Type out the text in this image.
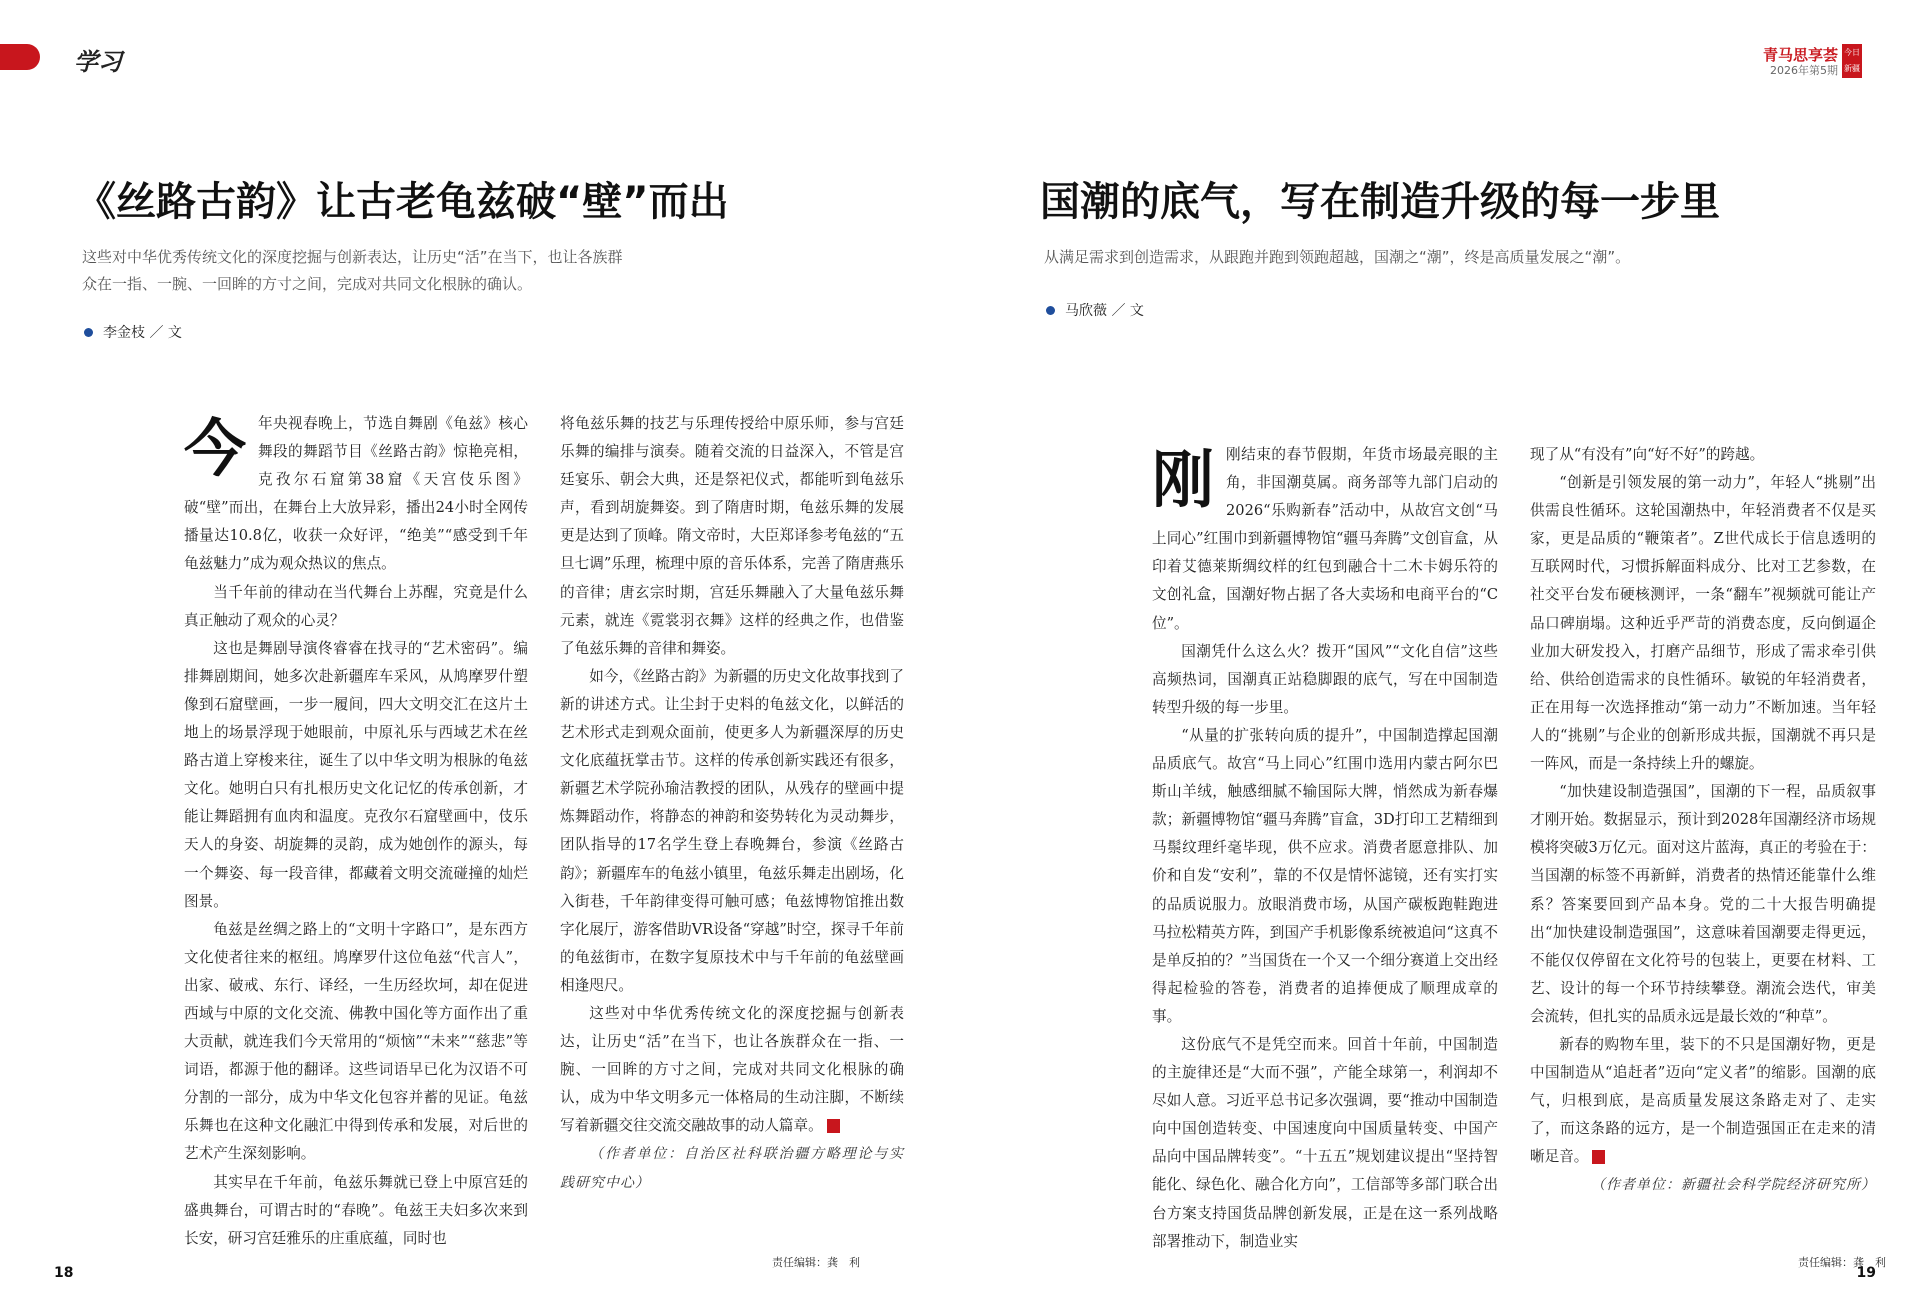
学习	青马思享荟
2026年第5期
今日新疆
《丝路古韵》让古老龟兹破“壁”而出
这些对中华优秀传统文化的深度挖掘与创新表达，让历史“活”在当下，也让各族群
众在一指、一腕、一回眸的方寸之间，完成对共同文化根脉的确认。
李金枝 ／ 文
今 年央视春晚上，节选自舞剧《龟兹》核心舞段的舞蹈节目《丝路古韵》惊艳亮相，克孜尔石窟第38窟《天宫伎乐图》破“壁”而出，在舞台上大放异彩，播出24小时全网传播量达10.8亿，收获一众好评，“绝美”“感受到千年龟兹魅力”成为观众热议的焦点。

当千年前的律动在当代舞台上苏醒，究竟是什么真正触动了观众的心灵？

这也是舞剧导演佟睿睿在找寻的“艺术密码”。编排舞剧期间，她多次赴新疆库车采风，从鸠摩罗什塑像到石窟壁画，一步一履间，四大文明交汇在这片土地上的场景浮现于她眼前，中原礼乐与西域艺术在丝路古道上穿梭来往，诞生了以中华文明为根脉的龟兹文化。她明白只有扎根历史文化记忆的传承创新，才能让舞蹈拥有血肉和温度。克孜尔石窟壁画中，伎乐天人的身姿、胡旋舞的灵韵，成为她创作的源头，每一个舞姿、每一段音律，都藏着文明交流碰撞的灿烂图景。

龟兹是丝绸之路上的“文明十字路口”，是东西方文化使者往来的枢纽。鸠摩罗什这位龟兹“代言人”，出家、破戒、东行、译经，一生历经坎坷，却在促进西域与中原的文化交流、佛教中国化等方面作出了重大贡献，就连我们今天常用的“烦恼”“未来”“慈悲”等词语，都源于他的翻译。这些词语早已化为汉语不可分割的一部分，成为中华文化包容并蓄的见证。龟兹乐舞也在这种文化融汇中得到传承和发展，对后世的艺术产生深刻影响。

其实早在千年前，龟兹乐舞就已登上中原宫廷的盛典舞台，可谓古时的“春晚”。龟兹王夫妇多次来到长安，研习宫廷雅乐的庄重底蕴，同时也

将龟兹乐舞的技艺与乐理传授给中原乐师，参与宫廷乐舞的编排与演奏。随着交流的日益深入，不管是宫廷宴乐、朝会大典，还是祭祀仪式，都能听到龟兹乐声，看到胡旋舞姿。到了隋唐时期，龟兹乐舞的发展更是达到了顶峰。隋文帝时，大臣郑译参考龟兹的“五旦七调”乐理，梳理中原的音乐体系，完善了隋唐燕乐的音律；唐玄宗时期，宫廷乐舞融入了大量龟兹乐舞元素，就连《霓裳羽衣舞》这样的经典之作，也借鉴了龟兹乐舞的音律和舞姿。

如今，《丝路古韵》为新疆的历史文化故事找到了新的讲述方式。让尘封于史料的龟兹文化，以鲜活的艺术形式走到观众面前，使更多人为新疆深厚的历史文化底蕴抚掌击节。这样的传承创新实践还有很多，新疆艺术学院孙瑜洁教授的团队，从残存的壁画中提炼舞蹈动作，将静态的神韵和姿势转化为灵动舞步，团队指导的17名学生登上春晚舞台，参演《丝路古韵》；新疆库车的龟兹小镇里，龟兹乐舞走出剧场，化入街巷，千年韵律变得可触可感；龟兹博物馆推出数字化展厅，游客借助VR设备“穿越”时空，探寻千年前的龟兹街市，在数字复原技术中与千年前的龟兹壁画相逢咫尺。

这些对中华优秀传统文化的深度挖掘与创新表达，让历史“活”在当下，也让各族群众在一指、一腕、一回眸的方寸之间，完成对共同文化根脉的确认，成为中华文明多元一体格局的生动注脚，不断续写着新疆交往交流交融故事的动人篇章。

（作者单位：自治区社科联治疆方略理论与实践研究中心）

责任编辑：龚　利
18
国潮的底气，写在制造升级的每一步里
从满足需求到创造需求，从跟跑并跑到领跑超越，国潮之“潮”，终是高质量发展之“潮”。
马欣薇 ／ 文
刚 刚结束的春节假期，年货市场最亮眼的主角，非国潮莫属。商务部等九部门启动的2026“乐购新春”活动中，从故宫文创“马上同心”红围巾到新疆博物馆“疆马奔腾”文创盲盒，从印着艾德莱斯绸纹样的红包到融合十二木卡姆乐符的文创礼盒，国潮好物占据了各大卖场和电商平台的“C位”。

国潮凭什么这么火？拨开“国风”“文化自信”这些高频热词，国潮真正站稳脚跟的底气，写在中国制造转型升级的每一步里。

“从量的扩张转向质的提升”，中国制造撑起国潮品质底气。故宫“马上同心”红围巾选用内蒙古阿尔巴斯山羊绒，触感细腻不输国际大牌，悄然成为新春爆款；新疆博物馆“疆马奔腾”盲盒，3D打印工艺精细到马鬃纹理纤毫毕现，供不应求。消费者愿意排队、加价和自发“安利”，靠的不仅是情怀滤镜，还有实打实的品质说服力。放眼消费市场，从国产碳板跑鞋跑进马拉松精英方阵，到国产手机影像系统被追问“这真不是单反拍的？”当国货在一个又一个细分赛道上交出经得起检验的答卷，消费者的追捧便成了顺理成章的事。

这份底气不是凭空而来。回首十年前，中国制造的主旋律还是“大而不强”，产能全球第一，利润却不尽如人意。习近平总书记多次强调，要“推动中国制造向中国创造转变、中国速度向中国质量转变、中国产品向中国品牌转变”。“十五五”规划建议提出“坚持智能化、绿色化、融合化方向”，工信部等多部门联合出台方案支持国货品牌创新发展，正是在这一系列战略部署推动下，制造业实

现了从“有没有”向“好不好”的跨越。

“创新是引领发展的第一动力”，年轻人“挑剔”出供需良性循环。这轮国潮热中，年轻消费者不仅是买家，更是品质的“鞭策者”。Z世代成长于信息透明的互联网时代，习惯拆解面料成分、比对工艺参数，在社交平台发布硬核测评，一条“翻车”视频就可能让产品口碑崩塌。这种近乎严苛的消费态度，反向倒逼企业加大研发投入，打磨产品细节，形成了需求牵引供给、供给创造需求的良性循环。敏锐的年轻消费者，正在用每一次选择推动“第一动力”不断加速。当年轻人的“挑剔”与企业的创新形成共振，国潮就不再只是一阵风，而是一条持续上升的螺旋。

“加快建设制造强国”，国潮的下一程，品质叙事才刚开始。数据显示，预计到2028年国潮经济市场规模将突破3万亿元。面对这片蓝海，真正的考验在于：当国潮的标签不再新鲜，消费者的热情还能靠什么维系？答案要回到产品本身。党的二十大报告明确提出“加快建设制造强国”，这意味着国潮要走得更远，不能仅仅停留在文化符号的包装上，更要在材料、工艺、设计的每一个环节持续攀登。潮流会迭代，审美会流转，但扎实的品质永远是最长效的“种草”。

新春的购物车里，装下的不只是国潮好物，更是中国制造从“追赶者”迈向“定义者”的缩影。国潮的底气，归根到底，是高质量发展这条路走对了、走实了，而这条路的远方，是一个制造强国正在走来的清晰足音。

（作者单位：新疆社会科学院经济研究所）

责任编辑：龚　利
19
